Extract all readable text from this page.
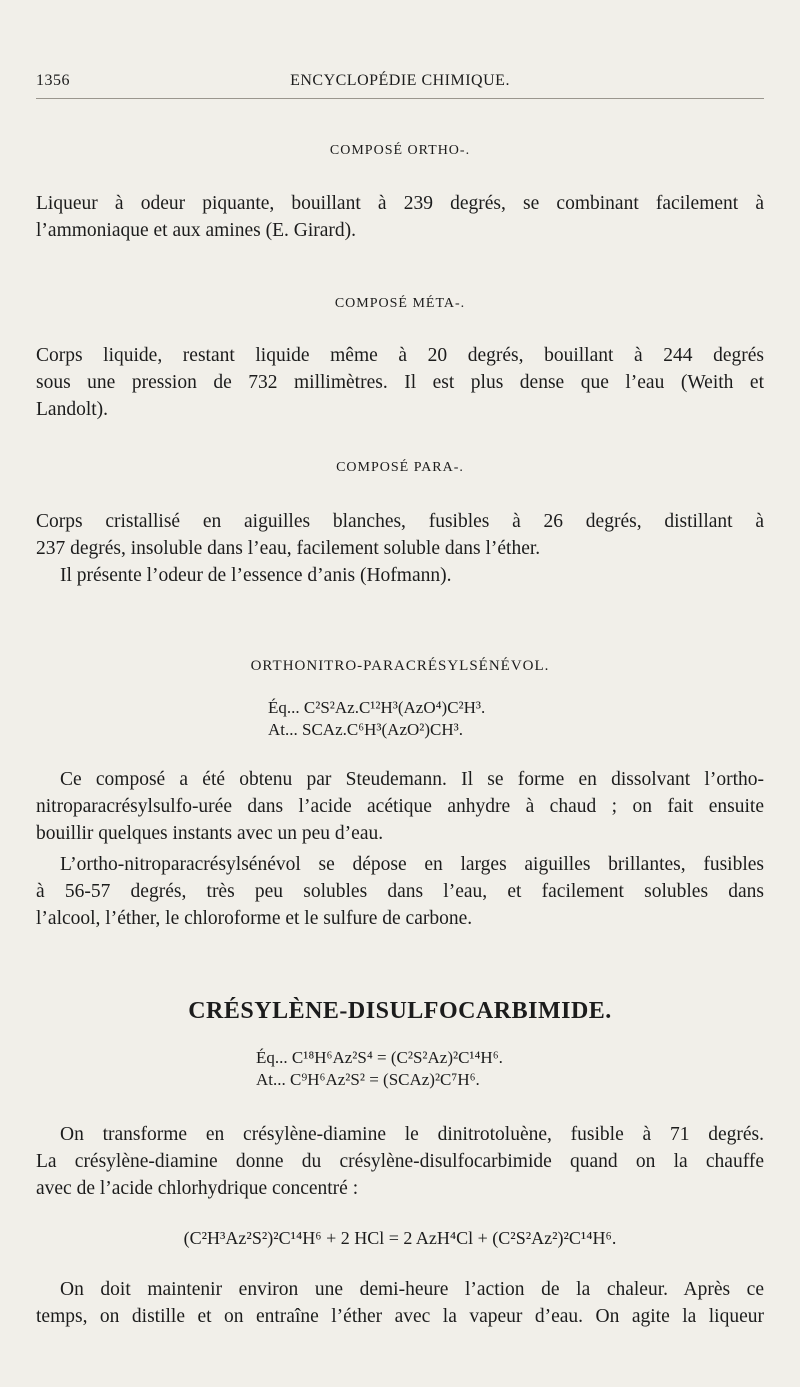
1356	ENCYCLOPÉDIE CHIMIQUE.
COMPOSÉ ORTHO-.
Liqueur à odeur piquante, bouillant à 239 degrés, se combinant facilement à
l’ammoniaque et aux amines (E. Girard).
COMPOSÉ MÉTA-.
Corps liquide, restant liquide même à 20 degrés, bouillant à 244 degrés
sous une pression de 732 millimètres. Il est plus dense que l’eau (Weith et
Landolt).
COMPOSÉ PARA-.
Corps cristallisé en aiguilles blanches, fusibles à 26 degrés, distillant à
237 degrés, insoluble dans l’eau, facilement soluble dans l’éther.
Il présente l’odeur de l’essence d’anis (Hofmann).
ORTHONITRO-PARACRÉSYLSÉNÉVOL.
Éq... C²S²Az.C¹²H³(AzO⁴)C²H³.
At... SCAz.C⁶H³(AzO²)CH³.
Ce composé a été obtenu par Steudemann. Il se forme en dissolvant l’ortho-
nitroparacrésylsulfo-urée dans l’acide acétique anhydre à chaud ; on fait ensuite
bouillir quelques instants avec un peu d’eau.
L’ortho-nitroparacrésylsénévol se dépose en larges aiguilles brillantes, fusibles
à 56-57 degrés, très peu solubles dans l’eau, et facilement solubles dans
l’alcool, l’éther, le chloroforme et le sulfure de carbone.
CRÉSYLÈNE-DISULFOCARBIMIDE.
Éq... C¹⁸H⁶Az²S⁴ = (C²S²Az)²C¹⁴H⁶.
At... C⁹H⁶Az²S² = (SCAz)²C⁷H⁶.
On transforme en crésylène-diamine le dinitrotoluène, fusible à 71 degrés.
La crésylène-diamine donne du crésylène-disulfocarbimide quand on la chauffe
avec de l’acide chlorhydrique concentré :
(C²H³Az²S²)²C¹⁴H⁶ + 2 HCl = 2 AzH⁴Cl + (C²S²Az²)²C¹⁴H⁶.
On doit maintenir environ une demi-heure l’action de la chaleur. Après ce
temps, on distille et on entraîne l’éther avec la vapeur d’eau. On agite la liqueur
